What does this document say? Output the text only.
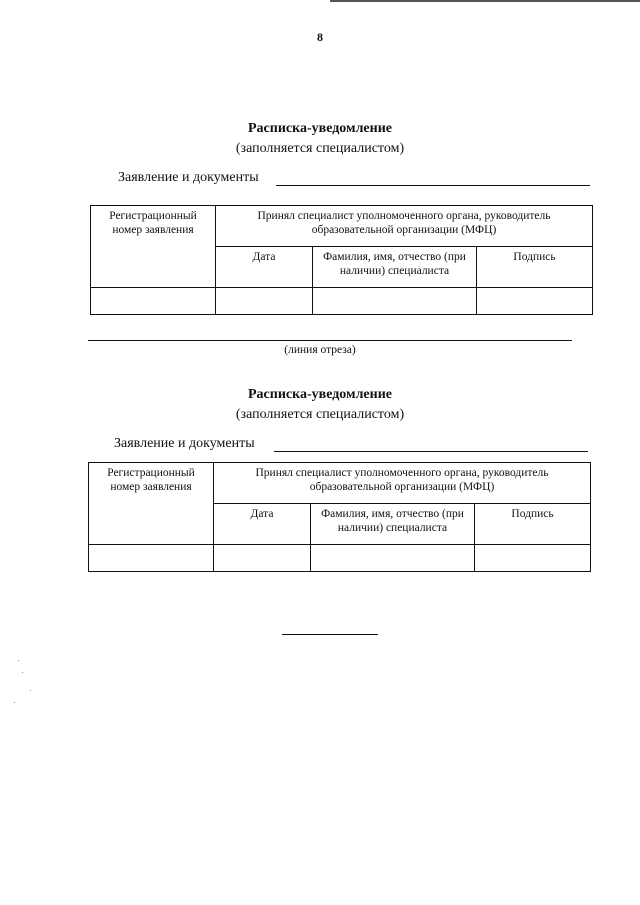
8
Расписка-уведомление
(заполняется специалистом)
Заявление и документы
Регистрационный номер заявления	Принял специалист уполномоченного органа, руководитель образовательной организации (МФЦ)		
	Дата	Фамилия, имя, отчество (при наличии) специалиста	Подпись

(линия отреза)
Расписка-уведомление
(заполняется специалистом)
Заявление и документы
Регистрационный номер заявления	Принял специалист уполномоченного органа, руководитель образовательной организации (МФЦ)		
	Дата	Фамилия, имя, отчество (при наличии) специалиста	Подпись
